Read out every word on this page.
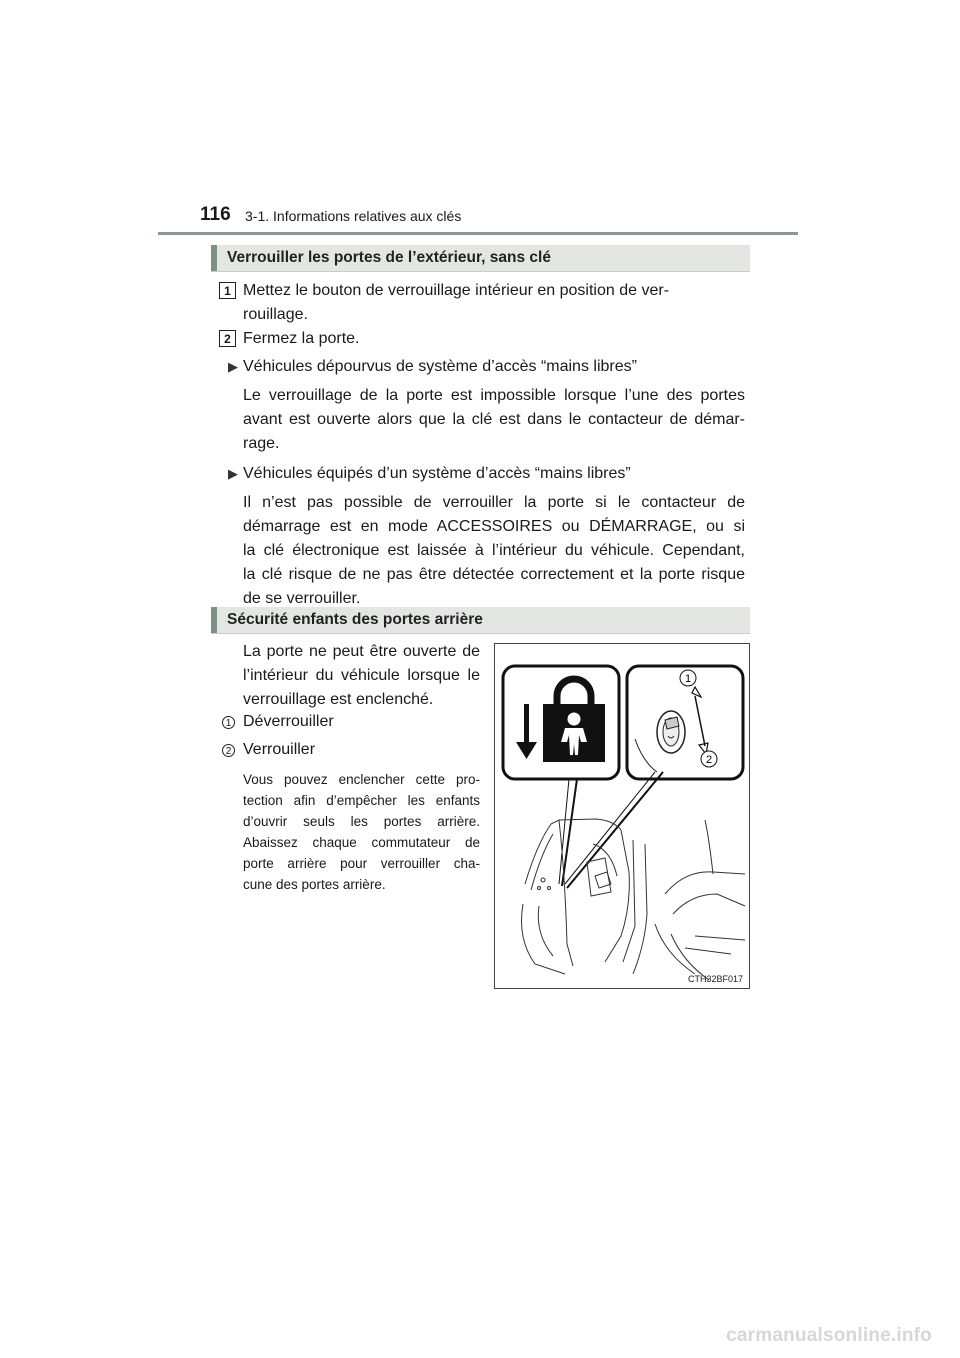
116 3-1. Informations relatives aux clés
Verrouiller les portes de l’extérieur, sans clé
1 Mettez le bouton de verrouillage intérieur en position de ver-
rouillage.
2 Fermez la porte.
▶ Véhicules dépourvus de système d’accès “mains libres”
Le verrouillage de la porte est impossible lorsque l’une des portes
avant est ouverte alors que la clé est dans le contacteur de démar-
rage.
▶ Véhicules équipés d’un système d’accès “mains libres”
Il n’est pas possible de verrouiller la porte si le contacteur de
démarrage est en mode ACCESSOIRES ou DÉMARRAGE, ou si
la clé électronique est laissée à l’intérieur du véhicule. Cependant,
la clé risque de ne pas être détectée correctement et la porte risque
de se verrouiller.
Sécurité enfants des portes arrière
La porte ne peut être ouverte de
l’intérieur du véhicule lorsque le
verrouillage est enclenché.
1 Déverrouiller
2 Verrouiller
Vous pouvez enclencher cette pro-
tection afin d’empêcher les enfants
d’ouvrir seuls les portes arrière.
Abaissez chaque commutateur de
porte arrière pour verrouiller cha-
cune des portes arrière.
1
2
CTH32BF017
carmanualsonline.info
